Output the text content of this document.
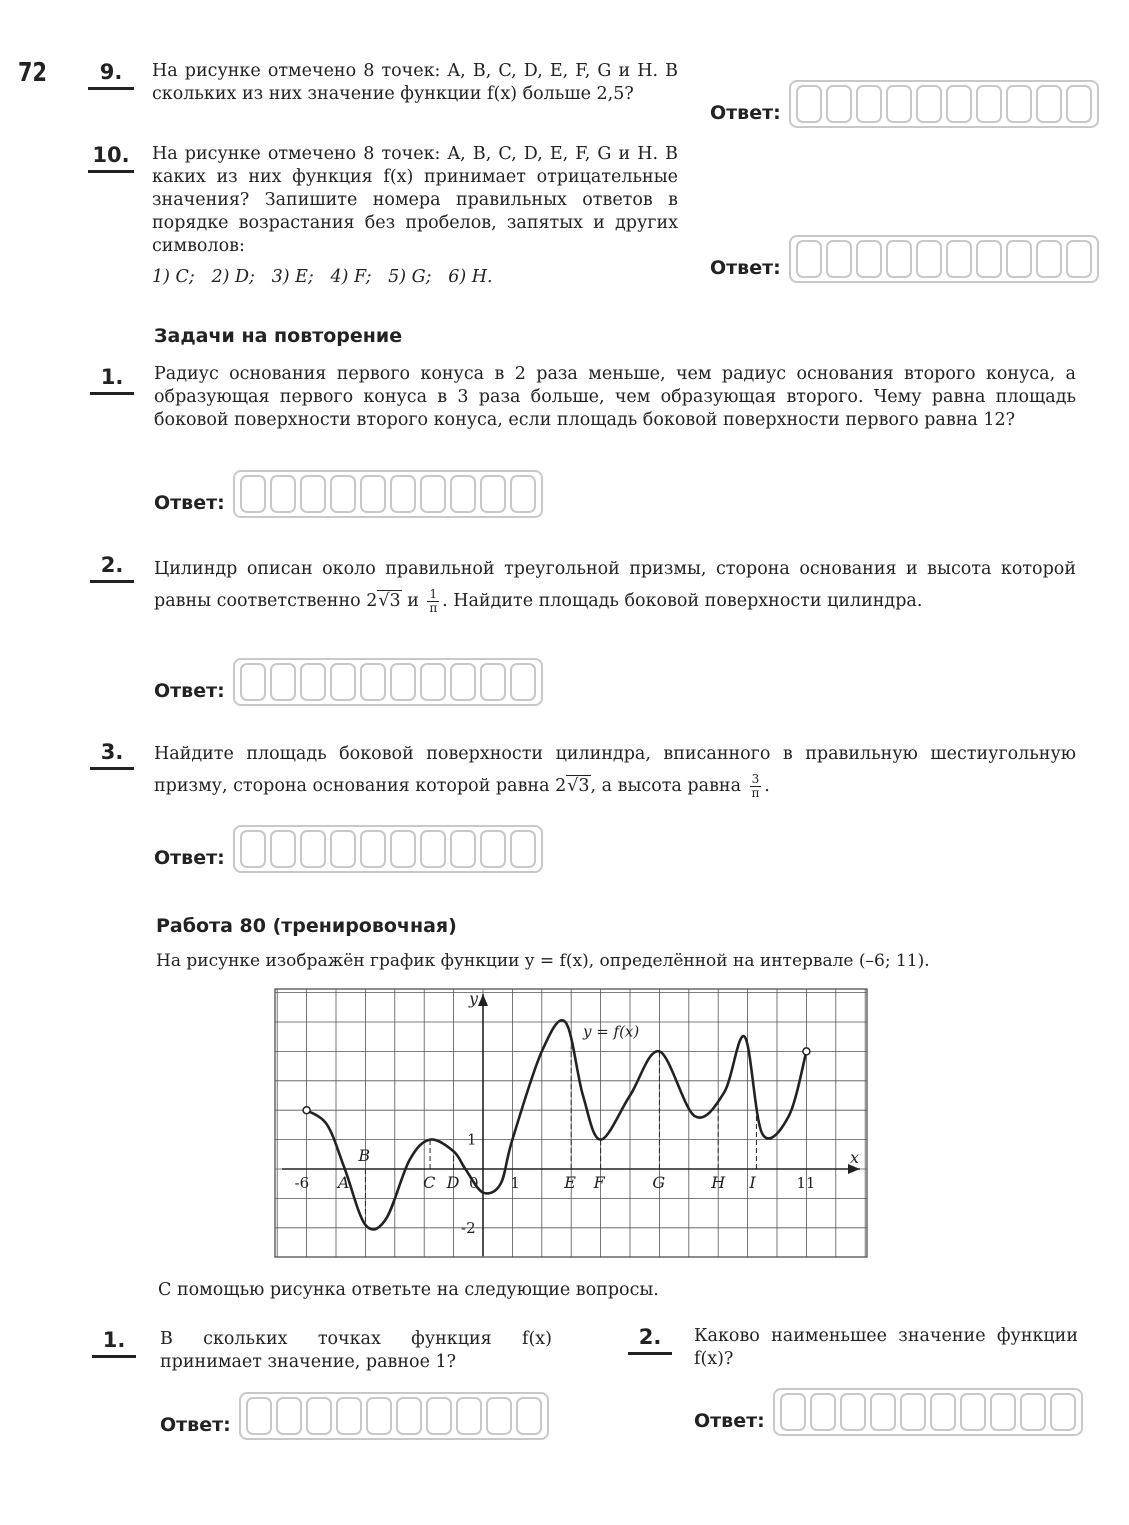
72	9.	На рисунке отмечено 8 точек: A, B, C, D, E, F, G и H. В скольких из них значение функции f(x) больше 2,5?
Ответ:
10. На рисунке отмечено 8 точек: A, B, C, D, E, F, G и H. В каких из них функция f(x) принимает отрицательные значения? Запишите номера правильных ответов в порядке возрастания без пробелов, запятых и других символов:
1) C;   2) D;   3) E;   4) F;   5) G;   6) H.	Ответ:
Задачи на повторение
1.	Радиус основания первого конуса в 2 раза меньше, чем радиус основания второго конуса, а образующая первого конуса в 3 раза больше, чем образующая второго. Чему равна площадь боковой поверхности второго конуса, если площадь боковой поверхности первого равна 12?
Ответ:
2.	Цилиндр описан около правильной треугольной призмы, сторона основания и высота которой равны соответственно 2√3 и $\frac{1}{\pi}$ . Найдите площадь боковой поверхности цилиндра.
Ответ:
3.	Найдите площадь боковой поверхности цилиндра, вписанного в правильную шестиугольную призму, сторона основания которой равна 2√3, а высота равна $\frac{3}{\pi}$ .
Ответ:
Работа 80 (тренировочная)
На рисунке изображён график функции y = f(x), определённой на интервале (–6; 11).
A
B
C D	E F	G	H I
-6	1	11
1
-2
0
x
y
y = f(x)
С помощью рисунка ответьте на следующие вопросы.
1.	В скольких точках функция f(x) принимает значение, равное 1?
Ответ:
2.	Каково наименьшее значение функции f(x)?
Ответ:
